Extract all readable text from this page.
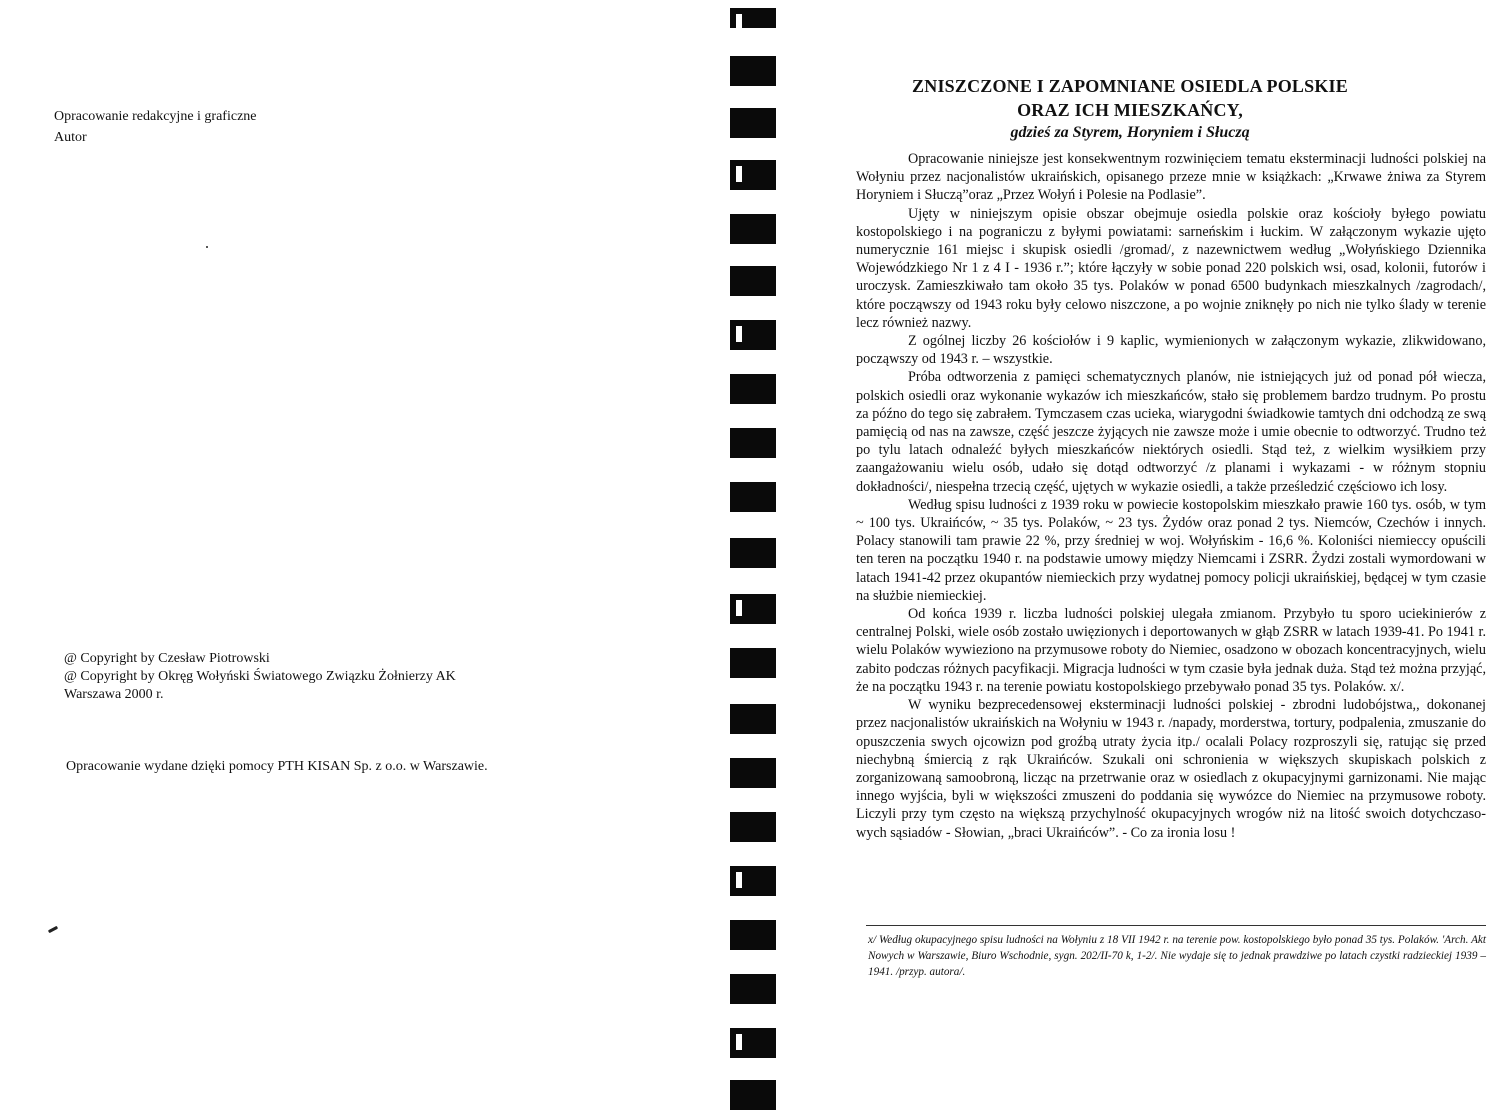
Opracowanie redakcyjne i graficzne
Autor
@ Copyright by Czesław Piotrowski
@ Copyright by Okręg Wołyński Światowego Związku Żołnierzy AK
Warszawa 2000 r.
Opracowanie wydane dzięki pomocy PTH KISAN Sp. z o.o. w Warszawie.
ZNISZCZONE I ZAPOMNIANE OSIEDLA POLSKIE
ORAZ ICH MIESZKAŃCY,
gdzieś za Styrem, Horyniem i Słuczą

Opracowanie niniejsze jest konsekwentnym rozwinięciem tematu eksterminacji ludności polskiej na Wołyniu przez nacjonalistów ukraińskich, opisanego przeze mnie w książkach: „Krwawe żniwa za Styrem Horyniem i Słuczą”oraz „Przez Wołyń i Polesie na Podlasie”.

Ujęty w niniejszym opisie obszar obejmuje osiedla polskie oraz kościoły byłego powiatu kostopolskiego i na pograniczu z byłymi powiatami: sarneńskim i łuckim. W załączonym wykazie ujęto numerycznie 161 miejsc i skupisk osiedli /gromad/, z nazewnictwem według „Wołyńskiego Dziennika Wojewódzkiego Nr 1 z 4 I - 1936 r.”; które łączyły w sobie ponad 220 polskich wsi, osad, kolonii, futorów i uroczysk. Zamieszkiwało tam około 35 tys. Polaków w ponad 6500 budynkach mieszkalnych /zagrodach/, które począwszy od 1943 roku były celowo niszczone, a po wojnie zniknęły po nich nie tylko ślady w terenie lecz również nazwy.

Z ogólnej liczby 26 kościołów i 9 kaplic, wymienionych w załączonym wykazie, zlikwidowano, począwszy od 1943 r. – wszystkie.

Próba odtworzenia z pamięci schematycznych planów, nie istniejących już od ponad pół wiecza, polskich osiedli oraz wykonanie wykazów ich mieszkańców, stało się problemem bardzo trudnym. Po prostu za późno do tego się zabrałem. Tymczasem czas ucieka, wiarygodni świadkowie tamtych dni odchodzą ze swą pamięcią od nas na zawsze, część jeszcze żyjących nie zawsze może i umie obecnie to odtworzyć. Trudno też po tylu latach odnaleźć byłych mieszkańców niektórych osiedli. Stąd też, z wielkim wysiłkiem przy zaangażowaniu wielu osób, udało się dotąd odtworzyć /z planami i wykazami - w różnym stopniu dokładności/, niespełna trzecią część, ujętych w wykazie osiedli, a także prześledzić częściowo ich losy.

Według spisu ludności z 1939 roku w powiecie kostopolskim mieszkało prawie 160 tys. osób, w tym ~ 100 tys. Ukraińców, ~ 35 tys. Polaków, ~ 23 tys. Żydów oraz ponad 2 tys. Niemców, Czechów i innych. Polacy stanowili tam prawie 22 %, przy średniej w woj. Wołyńskim - 16,6 %. Koloniści niemieccy opuścili ten teren na początku 1940 r. na podstawie umowy między Niemcami i ZSRR. Żydzi zostali wymordowani w latach 1941-42 przez okupantów niemieckich przy wydatnej pomocy policji ukraińskiej, będącej w tym czasie na służbie niemieckiej.

Od końca 1939 r. liczba ludności polskiej ulegała zmianom. Przybyło tu sporo uciekinierów z centralnej Polski, wiele osób zostało uwięzionych i deportowanych w głąb ZSRR w latach 1939-41. Po 1941 r. wielu Polaków wywieziono na przymusowe roboty do Niemiec, osadzono w obozach koncentracyjnych, wielu zabito podczas różnych pacyfikacji. Migracja ludności w tym czasie była jednak duża. Stąd też można przyjąć, że na początku 1943 r. na terenie powiatu kostopolskiego przebywało ponad 35 tys. Polaków. x/.

W wyniku bezprecedensowej eksterminacji ludności polskiej - zbrodni ludobójstwa,, dokonanej przez nacjonalistów ukraińskich na Wołyniu w 1943 r. /napady, morderstwa, tortury, podpalenia, zmuszanie do opuszczenia swych ojcowizn pod groźbą utraty życia itp./ ocalali Polacy rozproszyli się, ratując się przed niechybną śmiercią z rąk Ukraińców. Szukali oni schronienia w większych skupiskach polskich z zorganizowaną samoobroną, licząc na przetrwanie oraz w osiedlach z okupacyjnymi garnizonami. Nie mając innego wyjścia, byli w większości zmuszeni do poddania się wywózce do Niemiec na przymusowe roboty. Liczyli przy tym często na większą przychylność okupacyjnych wrogów niż na litość swoich dotychczaso-wych sąsiadów - Słowian, „braci Ukraińców”. - Co za ironia losu !

x/ Według okupacyjnego spisu ludności na Wołyniu z 18 VII 1942 r. na terenie pow. kostopolskiego było ponad 35 tys. Polaków. 'Arch. Akt Nowych w Warszawie, Biuro Wschodnie, sygn. 202/II-70 k, 1-2/. Nie wydaje się to jednak prawdziwe po latach czystki radzieckiej 1939 – 1941. /przyp. autora/.
